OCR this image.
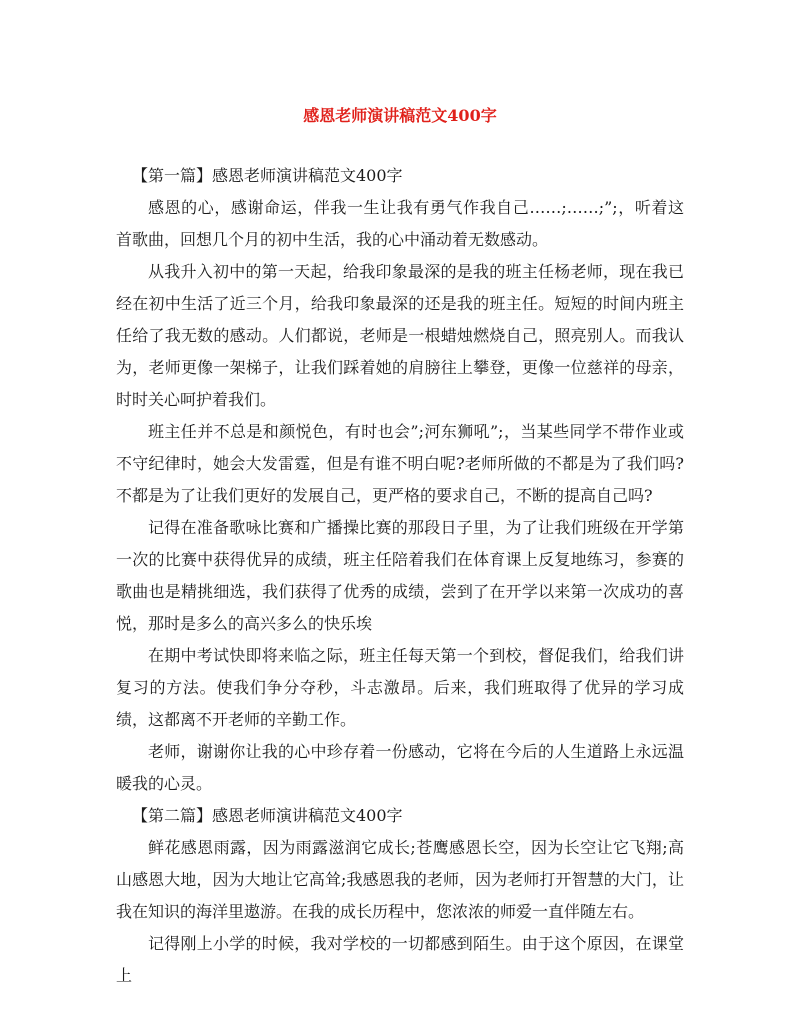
感恩老师演讲稿范文400字

【第一篇】感恩老师演讲稿范文400字

感恩的心，感谢命运，伴我一生让我有勇气作我自己……;……;”;，听着这首歌曲，回想几个月的初中生活，我的心中涌动着无数感动。

从我升入初中的第一天起，给我印象最深的是我的班主任杨老师，现在我已经在初中生活了近三个月，给我印象最深的还是我的班主任。短短的时间内班主任给了我无数的感动。人们都说，老师是一根蜡烛燃烧自己，照亮别人。而我认为，老师更像一架梯子，让我们踩着她的肩膀往上攀登，更像一位慈祥的母亲，时时关心呵护着我们。

班主任并不总是和颜悦色，有时也会”;河东狮吼”;，当某些同学不带作业或不守纪律时，她会大发雷霆，但是有谁不明白呢?老师所做的不都是为了我们吗?不都是为了让我们更好的发展自己，更严格的要求自己，不断的提高自己吗?

记得在准备歌咏比赛和广播操比赛的那段日子里，为了让我们班级在开学第一次的比赛中获得优异的成绩，班主任陪着我们在体育课上反复地练习，参赛的歌曲也是精挑细选，我们获得了优秀的成绩，尝到了在开学以来第一次成功的喜悦，那时是多么的高兴多么的快乐埃

在期中考试快即将来临之际，班主任每天第一个到校，督促我们，给我们讲复习的方法。使我们争分夺秒，斗志激昂。后来，我们班取得了优异的学习成绩，这都离不开老师的辛勤工作。

老师，谢谢你让我的心中珍存着一份感动，它将在今后的人生道路上永远温暖我的心灵。

【第二篇】感恩老师演讲稿范文400字

鲜花感恩雨露，因为雨露滋润它成长;苍鹰感恩长空，因为长空让它飞翔;高山感恩大地，因为大地让它高耸;我感恩我的老师，因为老师打开智慧的大门，让我在知识的海洋里遨游。在我的成长历程中，您浓浓的师爱一直伴随左右。

记得刚上小学的时候，我对学校的一切都感到陌生。由于这个原因，在课堂上
